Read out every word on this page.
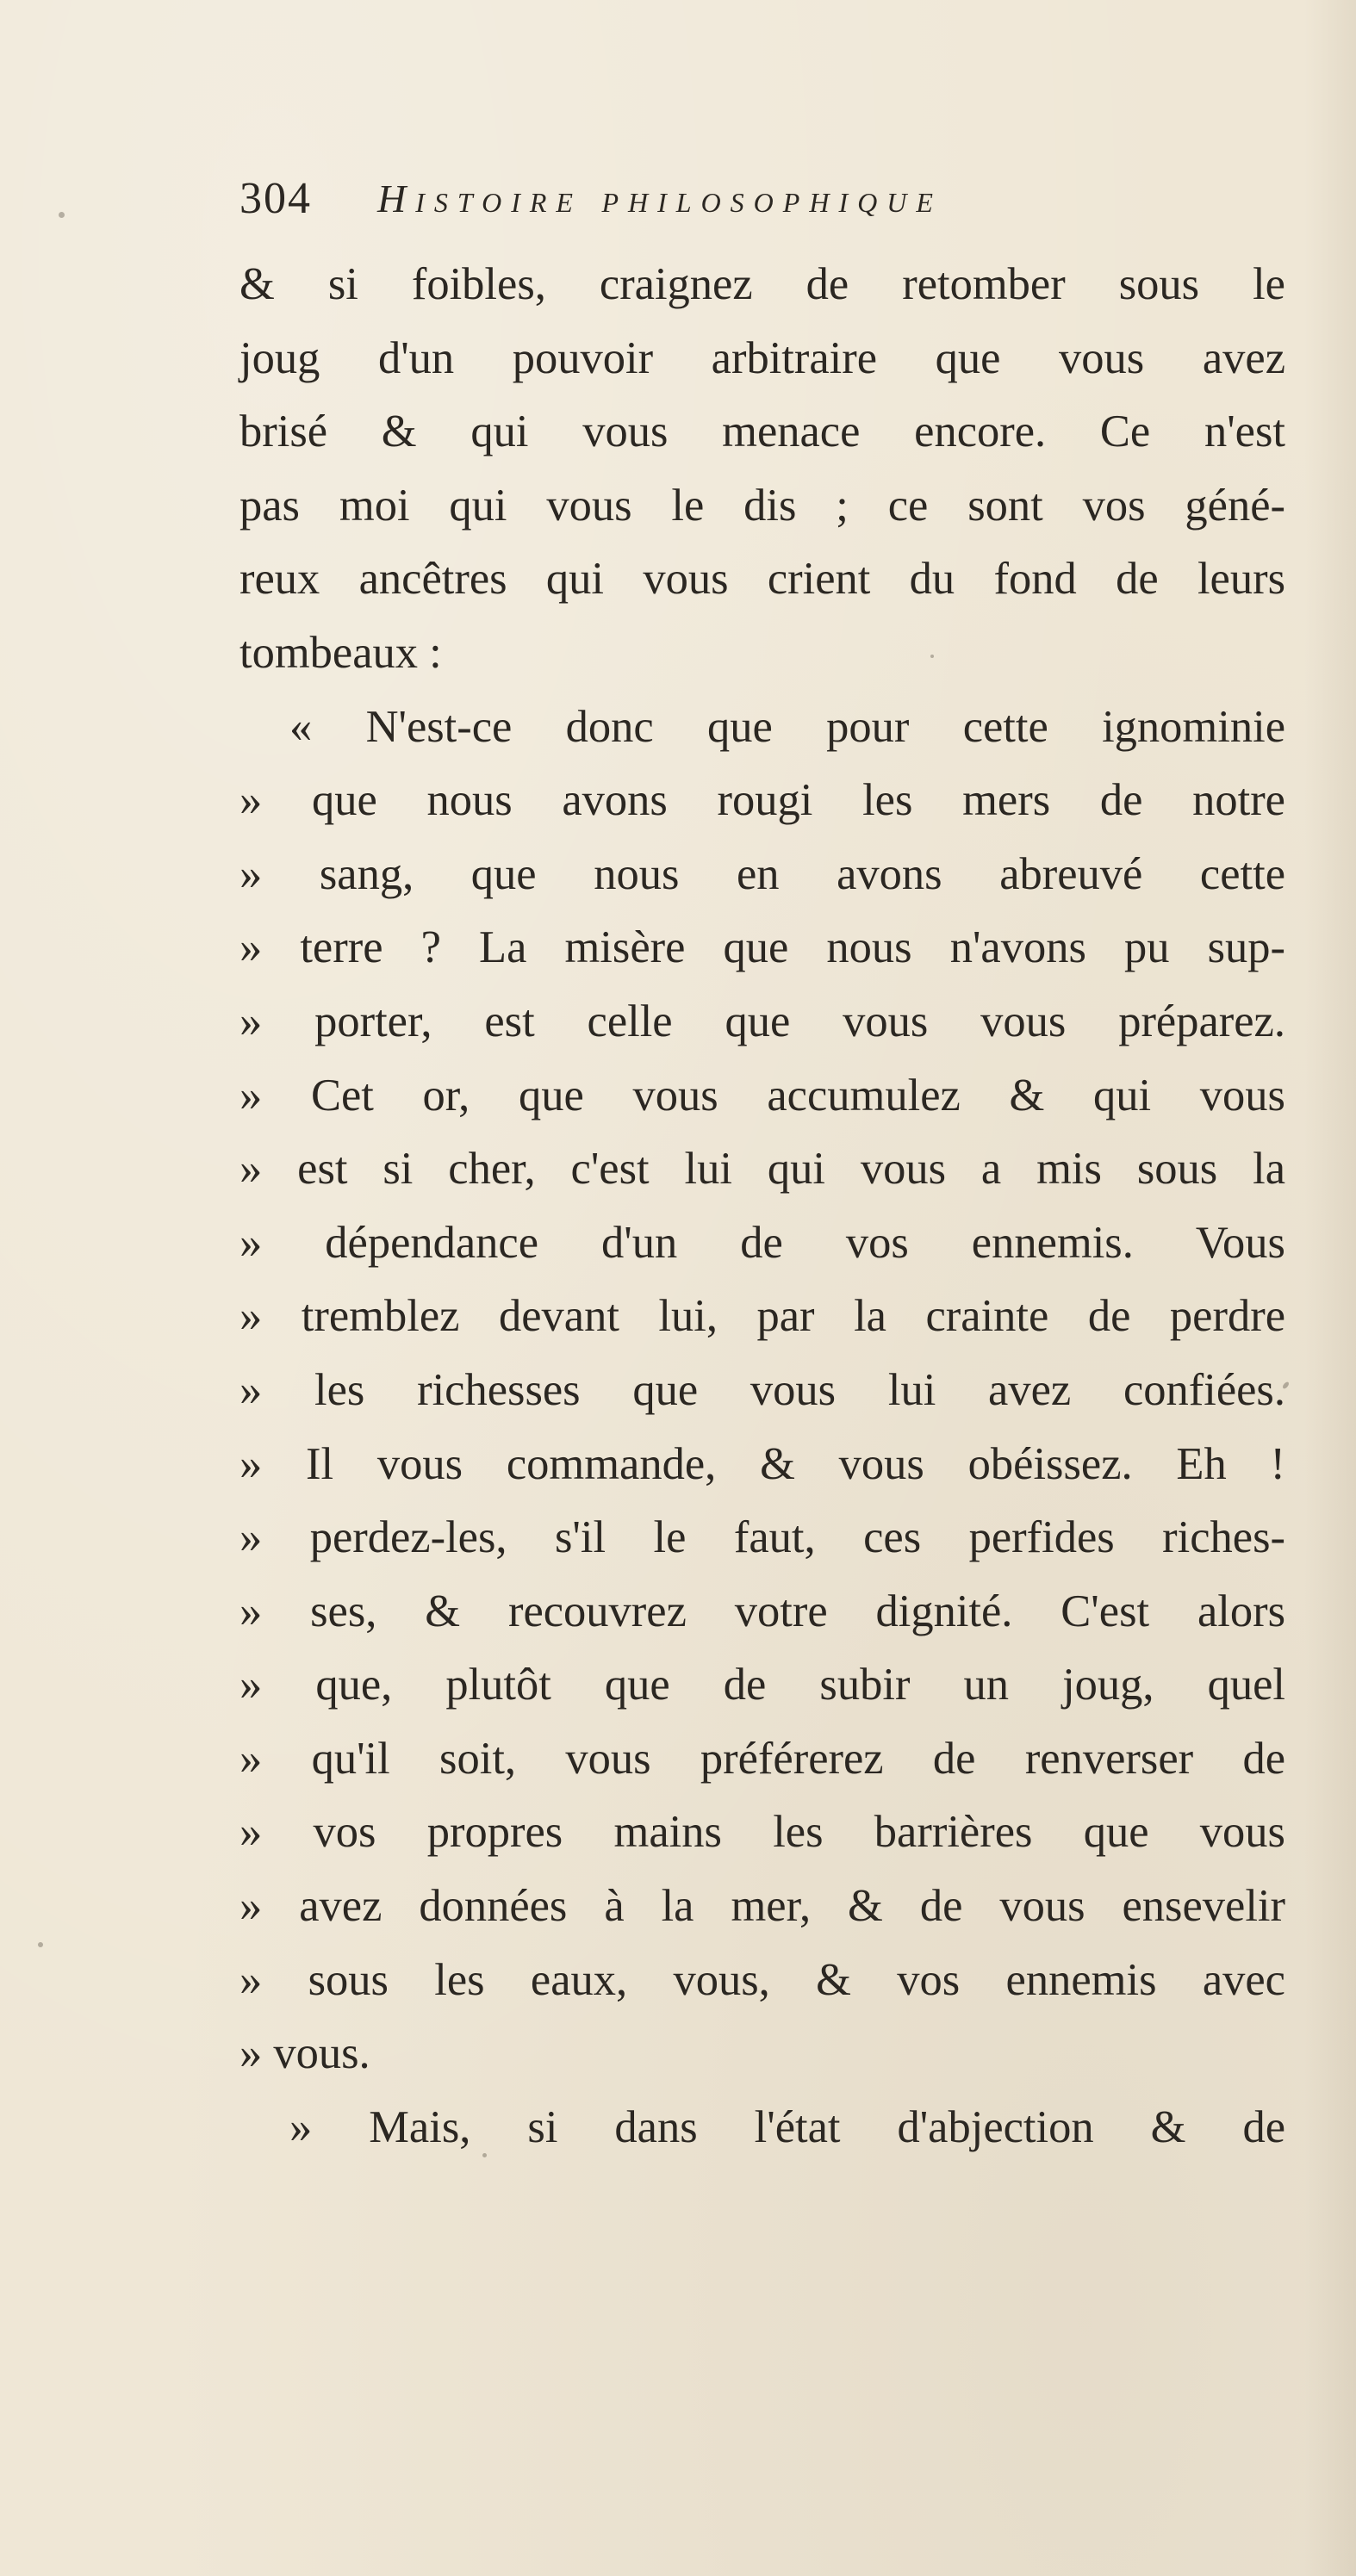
304 Histoire philosophique
& si foibles, craignez de retomber sous le
joug d'un pouvoir arbitraire que vous avez
brisé & qui vous menace encore. Ce n'est
pas moi qui vous le dis ; ce sont vos géné-
reux ancêtres qui vous crient du fond de leurs
tombeaux :
« N'est-ce donc que pour cette ignominie
» que nous avons rougi les mers de notre
» sang, que nous en avons abreuvé cette
» terre ? La misère que nous n'avons pu sup-
» porter, est celle que vous vous préparez.
» Cet or, que vous accumulez & qui vous
» est si cher, c'est lui qui vous a mis sous la
» dépendance d'un de vos ennemis. Vous
» tremblez devant lui, par la crainte de perdre
» les richesses que vous lui avez confiées.
» Il vous commande, & vous obéissez. Eh !
» perdez-les, s'il le faut, ces perfides riches-
» ses, & recouvrez votre dignité. C'est alors
» que, plutôt que de subir un joug, quel
» qu'il soit, vous préférerez de renverser de
» vos propres mains les barrières que vous
» avez données à la mer, & de vous ensevelir
» sous les eaux, vous, & vos ennemis avec
» vous.
» Mais, si dans l'état d'abjection & de
